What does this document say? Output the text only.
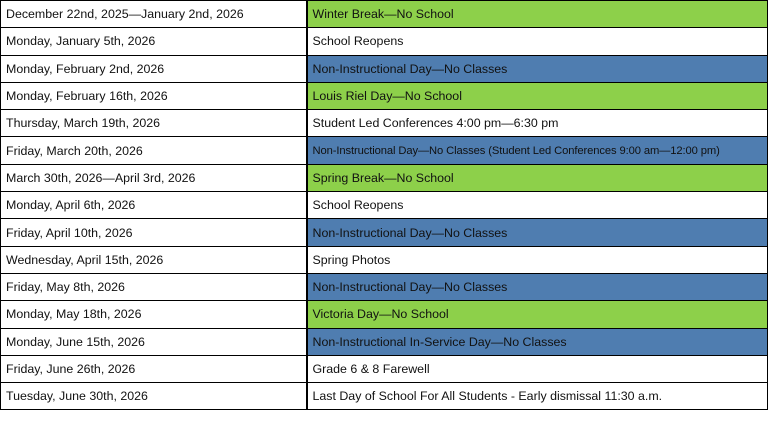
December 22nd, 2025—January 2nd, 2026	Winter Break—No School
Monday, January 5th, 2026	School Reopens
Monday, February 2nd, 2026	Non-Instructional Day—No Classes
Monday, February 16th, 2026	Louis Riel Day—No School
Thursday, March 19th, 2026	Student Led Conferences 4:00 pm—6:30 pm
Friday, March 20th, 2026	Non-Instructional Day—No Classes (Student Led Conferences 9:00 am—12:00 pm)
March 30th, 2026—April 3rd, 2026	Spring Break—No School
Monday, April 6th, 2026	School Reopens
Friday, April 10th, 2026	Non-Instructional Day—No Classes
Wednesday, April 15th, 2026	Spring Photos
Friday, May 8th, 2026	Non-Instructional Day—No Classes
Monday, May 18th, 2026	Victoria Day—No School
Monday, June 15th, 2026	Non-Instructional In-Service Day—No Classes
Friday, June 26th, 2026	Grade 6 & 8 Farewell
Tuesday, June 30th, 2026	Last Day of School For All Students - Early dismissal 11:30 a.m.
